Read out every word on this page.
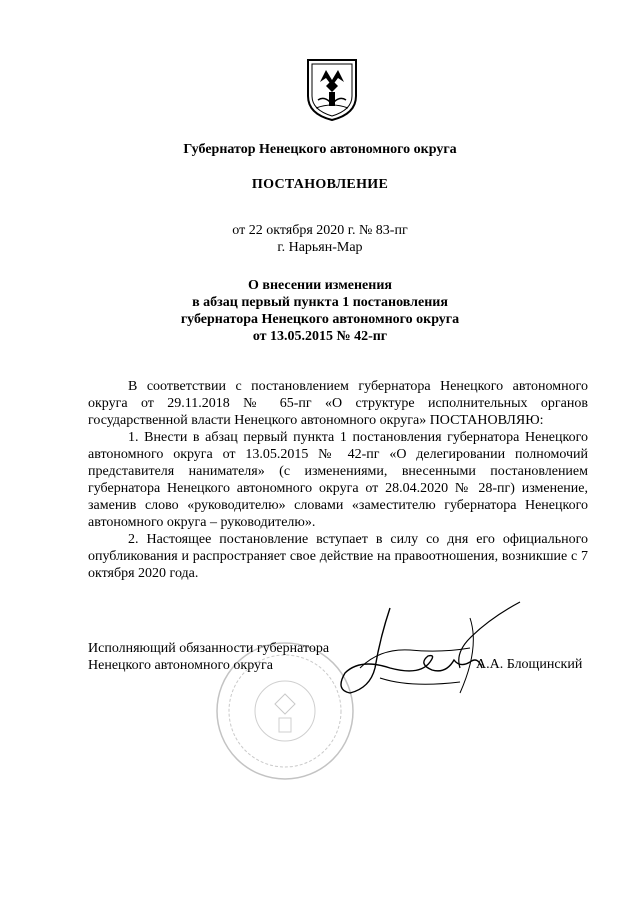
Губернатор Ненецкого автономного округа
ПОСТАНОВЛЕНИЕ
от 22 октября 2020 г. № 83-пг
г. Нарьян-Мар
О внесении изменения
в абзац первый пункта 1 постановления
губернатора Ненецкого автономного округа
от 13.05.2015 № 42-пг

В соответствии с постановлением губернатора Ненецкого автономного округа от 29.11.2018 № 65-пг «О структуре исполнительных органов государственной власти Ненецкого автономного округа» ПОСТАНОВЛЯЮ:

1. Внести в абзац первый пункта 1 постановления губернатора Ненецкого автономного округа от 13.05.2015 № 42-пг «О делегировании полномочий представителя нанимателя» (с изменениями, внесенными постановлением губернатора Ненецкого автономного округа от 28.04.2020 № 28-пг) изменение, заменив слово «руководителю» словами «заместителю губернатора Ненецкого автономного округа – руководителю».

2. Настоящее постановление вступает в силу со дня его официального опубликования и распространяет свое действие на правоотношения, возникшие с 7 октября 2020 года.

Исполняющий обязанности губернатора
Ненецкого автономного округа	А.А. Блощинский
